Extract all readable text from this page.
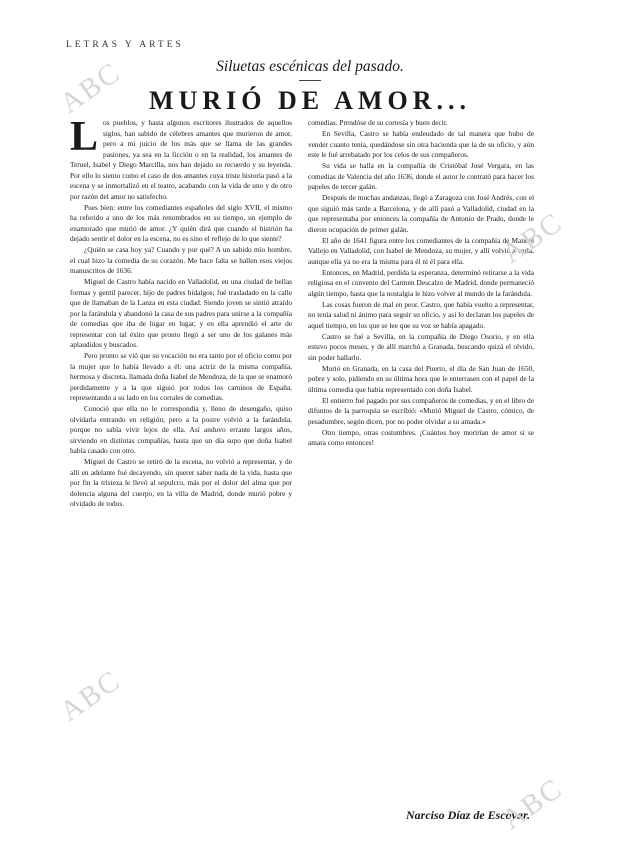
LETRAS Y ARTES
Siluetas escénicas del pasado.
MURIÓ DE AMOR...

Los pueblos, y hasta algunos escritores ilustrados de aquellos siglos, han sabido de célebres amantes que murieron de amor, pero a mi juicio de los más que se llama de las grandes pasiones, ya sea en la ficción o en la realidad, los amantes de Teruel, Isabel y Diego Marcilla, nos han dejado su recuerdo y su leyenda. Por ello lo siento como el caso de dos amantes cuya triste historia pasó a la escena y se inmortalizó en el teatro, acabando con la vida de uno y de otro por razón del amor no satisfecho.

Pues bien: entre los comediantes españoles del siglo XVII, el mismo ha referido a uno de los más renombrados en su tiempo, un ejemplo de enamorado que murió de amor. ¿Y quién dirá que cuando el histrión ha dejado sentir el dolor en la escena, no es sino el reflejo de lo que siente?

¿Quién se casa hoy ya? Cuando y por qué? A un sabido mio hombre, el cual hizo la comedia de su corazón. Me hace falta se hallen esos viejos manuscritos de 1636.

Miguel de Castro había nacido en Valladolid, en una ciudad de bellas formas y gentil parecer, hijo de padres hidalgos; fué trasladado en la calle que de llamaban de la Lanza en esta ciudad. Siendo joven se sintió atraído por la farándula y abandonó la casa de sus padres para unirse a la compañía de comedias que iba de lugar en lugar, y en ella aprendió el arte de representar con tal éxito que pronto llegó a ser uno de los galanes más aplaudidos y buscados.

Pero pronto se vió que su vocación no era tanto por el oficio como por la mujer que lo había llevado a él: una actriz de la misma compañía, hermosa y discreta, llamada doña Isabel de Mendoza, de la que se enamoró perdidamente y a la que siguió por todos los caminos de España, representando a su lado en los corrales de comedias.

Conoció que ella no le correspondía y, lleno de desengaño, quiso olvidarla entrando en religión; pero a la postre volvió a la farándula, porque no sabía vivir lejos de ella. Así anduvo errante largos años, sirviendo en distintas compañías, hasta que un día supo que doña Isabel había casado con otro.

Miguel de Castro se retiró de la escena, no volvió a representar, y de allí en adelante fué decayendo, sin querer saber nada de la vida, hasta que por fin la tristeza le llevó al sepulcro, más por el dolor del alma que por dolencia alguna del cuerpo, en la villa de Madrid, donde murió pobre y olvidado de todos.

comedias. Prendóse de su cortesía y buen decir.

En Sevilla, Castro se había endeudado de tal manera que hubo de vender cuanto tenía, quedándose sin otra hacienda que la de su oficio, y aún este le fué arrebatado por los celos de sus compañeros.

Su vida se halla en la compañía de Cristóbal José Vergara, en las comedias de Valencia del año 1636, donde el autor le contrató para hacer los papeles de tercer galán.

Después de muchas andanzas, llegó a Zaragoza con José Andrés, con el que siguió más tarde a Barcelona, y de allí pasó a Valladolid, ciudad en la que representaba por entonces la compañía de Antonio de Prado, donde le dieron ocupación de primer galán.

El año de 1641 figura entre los comediantes de la compañía de Manuel Vallejo en Valladolid, con Isabel de Mendoza, su mujer, y allí volvió a verla, aunque ella ya no era la misma para él ni él para ella.

Entonces, en Madrid, perdida la esperanza, determinó retirarse a la vida religiosa en el convento del Carmen Descalzo de Madrid, donde permaneció algún tiempo, hasta que la nostalgia le hizo volver al mundo de la farándula.

Las cosas fueron de mal en peor. Castro, que había vuelto a representar, no tenía salud ni ánimo para seguir su oficio, y así lo declaran los papeles de aquel tiempo, en los que se lee que su voz se había apagado.

Castro se fué a Sevilla, en la compañía de Diego Osorio, y en ella estuvo pocos meses, y de allí marchó a Granada, buscando quizá el olvido, sin poder hallarlo.

Murió en Granada, en la casa del Puerto, el día de San Juan de 1650, pobre y solo, pidiendo en su última hora que le enterrasen con el papel de la última comedia que había representado con doña Isabel.

El entierro fué pagado por sus compañeros de comedias, y en el libro de difuntos de la parroquia se escribió: «Murió Miguel de Castro, cómico, de pesadumbre, según dicen, por no poder olvidar a su amada.»

Otro tiempo, otras costumbres. ¡Cuántos hoy morirían de amor si se amara como entonces!

Narciso Díaz de Escovar.
ABC
ABC
ABC
ABC
